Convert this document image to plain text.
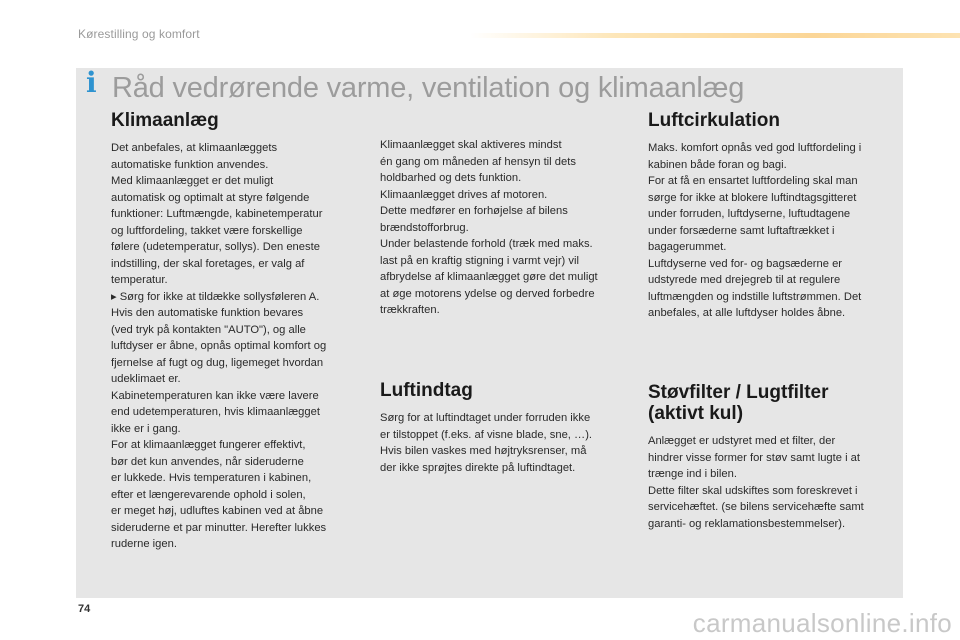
Kørestilling og komfort
i Råd vedrørende varme, ventilation og klimaanlæg
Klimaanlæg

Det anbefales, at klimaanlæggets
automatiske funktion anvendes.
Med klimaanlægget er det muligt
automatisk og optimalt at styre følgende
funktioner: Luftmængde, kabinetemperatur
og luftfordeling, takket være forskellige
følere (udetemperatur, sollys). Den eneste
indstilling, der skal foretages, er valg af
temperatur.
▸ Sørg for ikke at tildække sollysføleren A.
Hvis den automatiske funktion bevares
(ved tryk på kontakten "AUTO"), og alle
luftdyser er åbne, opnås optimal komfort og
fjernelse af fugt og dug, ligemeget hvordan
udeklimaet er.
Kabinetemperaturen kan ikke være lavere
end udetemperaturen, hvis klimaanlægget
ikke er i gang.
For at klimaanlægget fungerer effektivt,
bør det kun anvendes, når sideruderne
er lukkede. Hvis temperaturen i kabinen,
efter et længerevarende ophold i solen,
er meget høj, udluftes kabinen ved at åbne
sideruderne et par minutter. Herefter lukkes
ruderne igen.

Klimaanlægget skal aktiveres mindst
én gang om måneden af hensyn til dets
holdbarhed og dets funktion.
Klimaanlægget drives af motoren.
Dette medfører en forhøjelse af bilens
brændstofforbrug.
Under belastende forhold (træk med maks.
last på en kraftig stigning i varmt vejr) vil
afbrydelse af klimaanlægget gøre det muligt
at øge motorens ydelse og derved forbedre
trækkraften.

Luftindtag

Sørg for at luftindtaget under forruden ikke
er tilstoppet (f.eks. af visne blade, sne, …).
Hvis bilen vaskes med højtryksrenser, må
der ikke sprøjtes direkte på luftindtaget.

Luftcirkulation

Maks. komfort opnås ved god luftfordeling i
kabinen både foran og bagi.
For at få en ensartet luftfordeling skal man
sørge for ikke at blokere luftindtagsgitteret
under forruden, luftdyserne, luftudtagene
under forsæderne samt luftaftrækket i
bagagerummet.
Luftdyserne ved for- og bagsæderne er
udstyrede med drejegreb til at regulere
luftmængden og indstille luftstrømmen. Det
anbefales, at alle luftdyser holdes åbne.

Støvfilter / Lugtfilter
(aktivt kul)

Anlægget er udstyret med et filter, der
hindrer visse former for støv samt lugte i at
trænge ind i bilen.
Dette filter skal udskiftes som foreskrevet i
servicehæftet. (se bilens servicehæfte samt
garanti- og reklamationsbestemmelser).

74	carmanualsonline.info
